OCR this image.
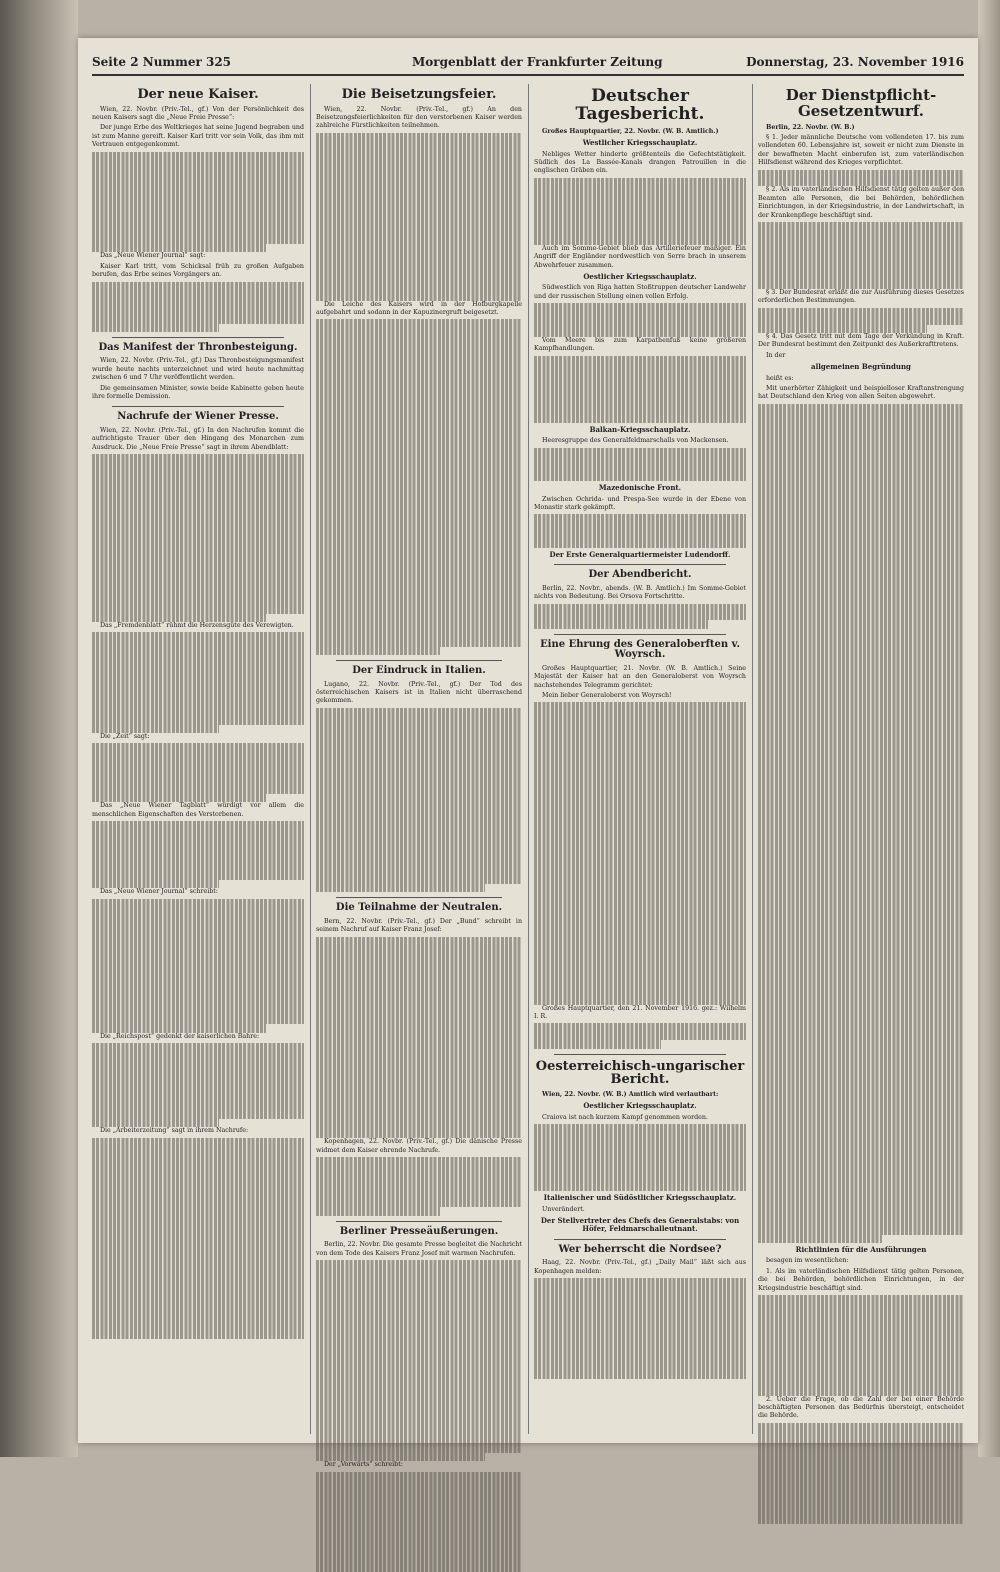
Seite 2 Nummer 325	Morgenblatt der Frankfurter Zeitung	Donnerstag, 23. November 1916
Der neue Kaiser.

Wien, 22. Novbr. (Priv.-Tel., gf.) Von der Persönlichkeit des neuen Kaisers sagt die „Neue Freie Presse“:

Der junge Erbe des Weltkrieges hat seine Jugend begraben und ist zum Manne gereift. Kaiser Karl tritt vor sein Volk, das ihm mit Vertrauen entgegenkommt.

Das „Neue Wiener Journal“ sagt:

Kaiser Karl tritt, vom Schicksal früh zu großen Aufgaben berufen, das Erbe seines Vorgängers an.

Das Manifest der Thronbesteigung.

Wien, 22. Novbr. (Priv.-Tel., gf.) Das Thronbesteigungsmanifest wurde heute nachts unterzeichnet und wird heute nachmittag zwischen 6 und 7 Uhr veröffentlicht werden.

Die gemeinsamen Minister, sowie beide Kabinette geben heute ihre formelle Demission.

Nachrufe der Wiener Presse.

Wien, 22. Novbr. (Priv.-Tel., gf.) In den Nachrufen kommt die aufrichtigste Trauer über den Hingang des Monarchen zum Ausdruck. Die „Neue Freie Presse“ sagt in ihrem Abendblatt:

Das „Fremdenblatt“ rühmt die Herzensgüte des Verewigten.

Die „Zeit“ sagt:

Das „Neue Wiener Tagblatt“ würdigt vor allem die menschlichen Eigenschaften des Verstorbenen.

Das „Neue Wiener Journal“ schreibt:

Die „Reichspost“ gedenkt der kaiserlichen Bahre:

Die „Arbeiterzeitung“ sagt in ihrem Nachrufe:

Die Beisetzungsfeier.

Wien, 22. Novbr. (Priv.-Tel., gf.) An den Beisetzungsfeierlichkeiten für den verstorbenen Kaiser werden zahlreiche Fürstlichkeiten teilnehmen.

Die Leiche des Kaisers wird in der Hofburgkapelle aufgebahrt und sodann in der Kapuzinergruft beigesetzt.

Der Eindruck in Italien.

Lugano, 22. Novbr. (Priv.-Tel., gf.) Der Tod des österreichischen Kaisers ist in Italien nicht überraschend gekommen.

Die Teilnahme der Neutralen.

Bern, 22. Novbr. (Priv.-Tel., gf.) Der „Bund“ schreibt in seinem Nachruf auf Kaiser Franz Josef:

Kopenhagen, 22. Novbr. (Priv.-Tel., gf.) Die dänische Presse widmet dem Kaiser ehrende Nachrufe.

Berliner Presseäußerungen.

Berlin, 22. Novbr. Die gesamte Presse begleitet die Nachricht von dem Tode des Kaisers Franz Josef mit warmen Nachrufen.

Der „Vorwärts“ schreibt:

Deutscher Tagesbericht.

Großes Hauptquartier, 22. Novbr. (W. B. Amtlich.)

Westlicher Kriegsschauplatz.

Nebliges Wetter hinderte größtenteils die Gefechtstätigkeit. Südlich des La Bassée-Kanals drangen Patrouillen in die englischen Gräben ein.

Auch im Somme-Gebiet blieb das Artilleriefeuer mäßiger. Ein Angriff der Engländer nordwestlich von Serre brach in unserem Abwehrfeuer zusammen.

Oestlicher Kriegsschauplatz.

Südwestlich von Riga hatten Stoßtruppen deutscher Landwehr und der russischen Stellung einen vollen Erfolg.

Vom Meere bis zum Karpathenfuß keine größeren Kampfhandlungen.

Balkan-Kriegsschauplatz.

Heeresgruppe des Generalfeldmarschalls von Mackensen.

Mazedonische Front.

Zwischen Ochrida- und Prespa-See wurde in der Ebene von Monastir stark gekämpft.

Der Erste Generalquartiermeister Ludendorff.
Der Abendbericht.

Berlin, 22. Novbr., abends. (W. B. Amtlich.) Im Somme-Gebiet nichts von Bedeutung. Bei Orsova Fortschritte.

Eine Ehrung des Generaloberften v. Woyrsch.

Großes Hauptquartier, 21. Novbr. (W. B. Amtlich.) Seine Majestät der Kaiser hat an den Generaloberst von Woyrsch nachstehendes Telegramm gerichtet:

Mein lieber Generaloberst von Woyrsch!

Großes Hauptquartier, den 21. November 1916. gez.: Wilhelm I. R.

Oesterreichisch-ungarischer Bericht.

Wien, 22. Novbr. (W. B.) Amtlich wird verlautbart:

Oestlicher Kriegsschauplatz.

Craiova ist nach kurzem Kampf genommen worden.

Italienischer und Südöstlicher Kriegsschauplatz.

Unverändert.

Der Stellvertreter des Chefs des Generalstabs: von Höfer, Feldmarschalleutnant.
Wer beherrscht die Nordsee?

Haag, 22. Novbr. (Priv.-Tel., gf.) „Daily Mail“ läßt sich aus Kopenhagen melden:

Der Dienstpflicht-Gesetzentwurf.

Berlin, 22. Novbr. (W. B.)

§ 1. Jeder männliche Deutsche vom vollendeten 17. bis zum vollendeten 60. Lebensjahre ist, soweit er nicht zum Dienste in der bewaffneten Macht einberufen ist, zum vaterländischen Hilfsdienst während des Krieges verpflichtet.

§ 2. Als im vaterländischen Hilfsdienst tätig gelten außer den Beamten alle Personen, die bei Behörden, behördlichen Einrichtungen, in der Kriegsindustrie, in der Landwirtschaft, in der Krankenpflege beschäftigt sind.

§ 3. Der Bundesrat erläßt die zur Ausführung dieses Gesetzes erforderlichen Bestimmungen.

§ 4. Das Gesetz tritt mit dem Tage der Verkündung in Kraft. Der Bundesrat bestimmt den Zeitpunkt des Außerkrafttretens.

In der

allgemeinen Begründung

heißt es:

Mit unerhörter Zähigkeit und beispielloser Kraftanstrengung hat Deutschland den Krieg von allen Seiten abgewehrt.

Richtlinien für die Ausführungen

besagen im wesentlichen:

1. Als im vaterländischen Hilfsdienst tätig gelten Personen, die bei Behörden, behördlichen Einrichtungen, in der Kriegsindustrie beschäftigt sind.

2. Ueber die Frage, ob die Zahl der bei einer Behörde beschäftigten Personen das Bedürfnis übersteigt, entscheidet die Behörde.
